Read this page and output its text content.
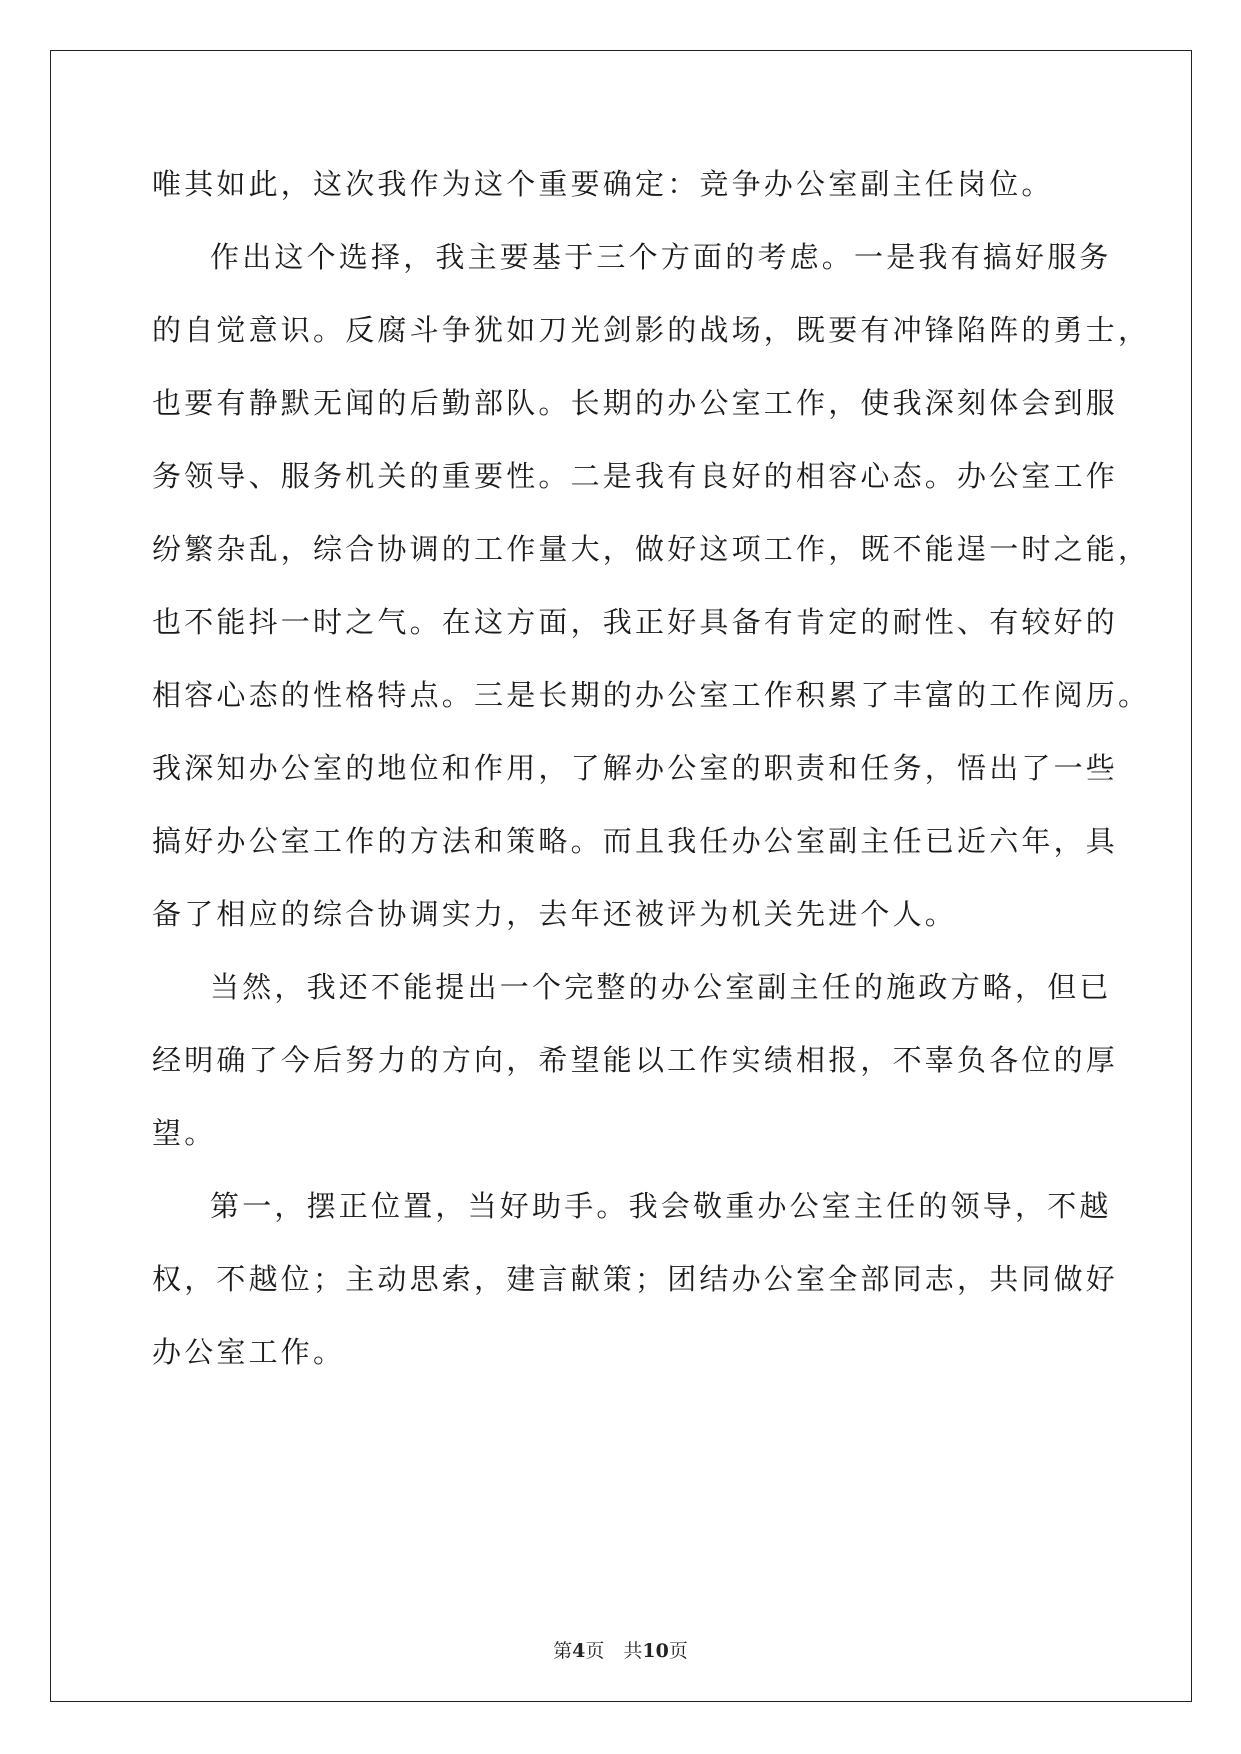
唯其如此，这次我作为这个重要确定：竞争办公室副主任岗位。
作出这个选择，我主要基于三个方面的考虑。一是我有搞好服务
的自觉意识。反腐斗争犹如刀光剑影的战场，既要有冲锋陷阵的勇士，
也要有静默无闻的后勤部队。长期的办公室工作，使我深刻体会到服
务领导、服务机关的重要性。二是我有良好的相容心态。办公室工作
纷繁杂乱，综合协调的工作量大，做好这项工作，既不能逞一时之能，
也不能抖一时之气。在这方面，我正好具备有肯定的耐性、有较好的
相容心态的性格特点。三是长期的办公室工作积累了丰富的工作阅历。
我深知办公室的地位和作用，了解办公室的职责和任务，悟出了一些
搞好办公室工作的方法和策略。而且我任办公室副主任已近六年，具
备了相应的综合协调实力，去年还被评为机关先进个人。
当然，我还不能提出一个完整的办公室副主任的施政方略，但已
经明确了今后努力的方向，希望能以工作实绩相报，不辜负各位的厚
望。
第一，摆正位置，当好助手。我会敬重办公室主任的领导，不越
权，不越位；主动思索，建言献策；团结办公室全部同志，共同做好
办公室工作。
第4页　共10页
